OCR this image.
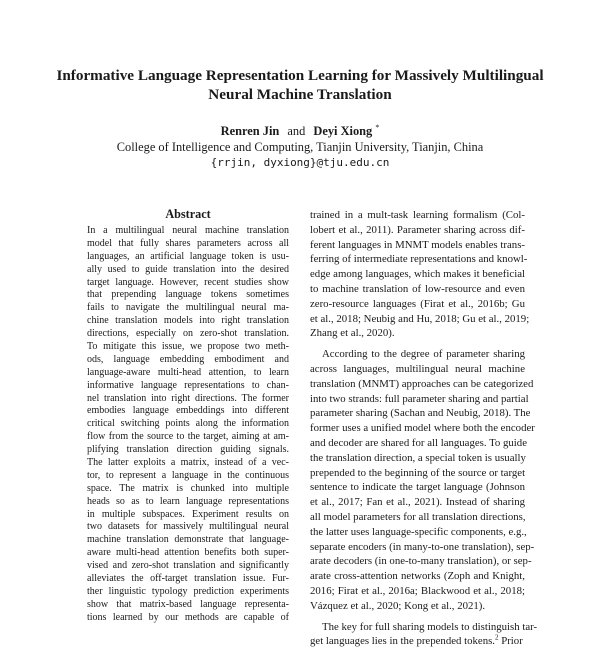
Informative Language Representation Learning for Massively Multilingual
Neural Machine Translation
Renren Jin and Deyi Xiong *
College of Intelligence and Computing, Tianjin University, Tianjin, China
{rrjin, dyxiong}@tju.edu.cn
Abstract
In a multilingual neural machine translation
model that fully shares parameters across all
languages, an artificial language token is usu-
ally used to guide translation into the desired
target language. However, recent studies show
that prepending language tokens sometimes
fails to navigate the multilingual neural ma-
chine translation models into right translation
directions, especially on zero-shot translation.
To mitigate this issue, we propose two meth-
ods, language embedding embodiment and
language-aware multi-head attention, to learn
informative language representations to chan-
nel translation into right directions. The former
embodies language embeddings into different
critical switching points along the information
flow from the source to the target, aiming at am-
plifying translation direction guiding signals.
The latter exploits a matrix, instead of a vec-
tor, to represent a language in the continuous
space. The matrix is chunked into multiple
heads so as to learn language representations
in multiple subspaces. Experiment results on
two datasets for massively multilingual neural
machine translation demonstrate that language-
aware multi-head attention benefits both super-
vised and zero-shot translation and significantly
alleviates the off-target translation issue. Fur-
ther linguistic typology prediction experiments
show that matrix-based language representa-
tions learned by our methods are capable of
trained in a mult-task learning formalism (Col-
lobert et al., 2011). Parameter sharing across dif-
ferent languages in MNMT models enables trans-
ferring of intermediate representations and knowl-
edge among languages, which makes it beneficial
to machine translation of low-resource and even
zero-resource languages (Firat et al., 2016b; Gu
et al., 2018; Neubig and Hu, 2018; Gu et al., 2019;
Zhang et al., 2020).
According to the degree of parameter sharing
across languages, multilingual neural machine
translation (MNMT) approaches can be categorized
into two strands: full parameter sharing and partial
parameter sharing (Sachan and Neubig, 2018). The
former uses a unified model where both the encoder
and decoder are shared for all languages. To guide
the translation direction, a special token is usually
prepended to the beginning of the source or target
sentence to indicate the target language (Johnson
et al., 2017; Fan et al., 2021). Instead of sharing
all model parameters for all translation directions,
the latter uses language-specific components, e.g.,
separate encoders (in many-to-one translation), sep-
arate decoders (in one-to-many translation), or sep-
arate cross-attention networks (Zoph and Knight,
2016; Firat et al., 2016a; Blackwood et al., 2018;
Vázquez et al., 2020; Kong et al., 2021).
The key for full sharing models to distinguish tar-
get languages lies in the prepended tokens.$^2$ Prior
